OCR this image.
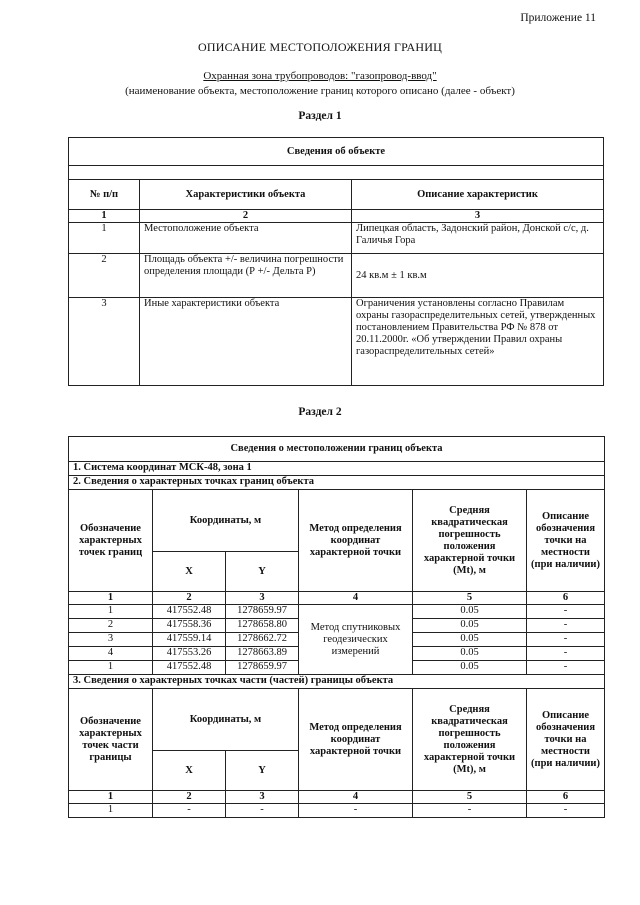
Приложение 11
ОПИСАНИЕ МЕСТОПОЛОЖЕНИЯ ГРАНИЦ
Охранная зона трубопроводов: "газопровод-ввод"
(наименование объекта, местоположение границ которого описано (далее - объект)
Раздел 1
Сведения об объекте		

№ п/п	Характеристики объекта	Описание характеристик
1	2	3
1	Местоположение объекта	Липецкая область, Задонский район, Донской с/с, д. Галичья Гора
2	Площадь объекта +/- величина погрешности определения площади (Р +/- Дельта Р)	24 кв.м ± 1 кв.м
3	Иные характеристики объекта	Ограничения установлены согласно Правилам охраны газораспределительных сетей, утвержденных постановлением Правительства РФ № 878 от 20.11.2000г. «Об утверждении Правил охраны газораспределительных сетей»
Раздел 2
Сведения о местоположении границ объекта					
1. Система координат МСК-48, зона 1					
2. Сведения о характерных точках границ объекта					
Обозначение характерных точек границ	Координаты, м		Метод определения координат характерной точки	Средняя квадратическая погрешность положения характерной точки (Mt), м	Описание обозначения точки на местности (при наличии)
	X	Y			
1	2	3	4	5	6
1	417552.48	1278659.97	Метод спутниковых геодезических измерений	0.05	-
2	417558.36	1278658.80		0.05	-
3	417559.14	1278662.72		0.05	-
4	417553.26	1278663.89		0.05	-
1	417552.48	1278659.97		0.05	-
3. Сведения о характерных точках части (частей) границы объекта					
Обозначение характерных точек части границы	Координаты, м		Метод определения координат характерной точки	Средняя квадратическая погрешность положения характерной точки (Mt), м	Описание обозначения точки на местности (при наличии)
	X	Y			
1	2	3	4	5	6
1	-	-	-	-	-
